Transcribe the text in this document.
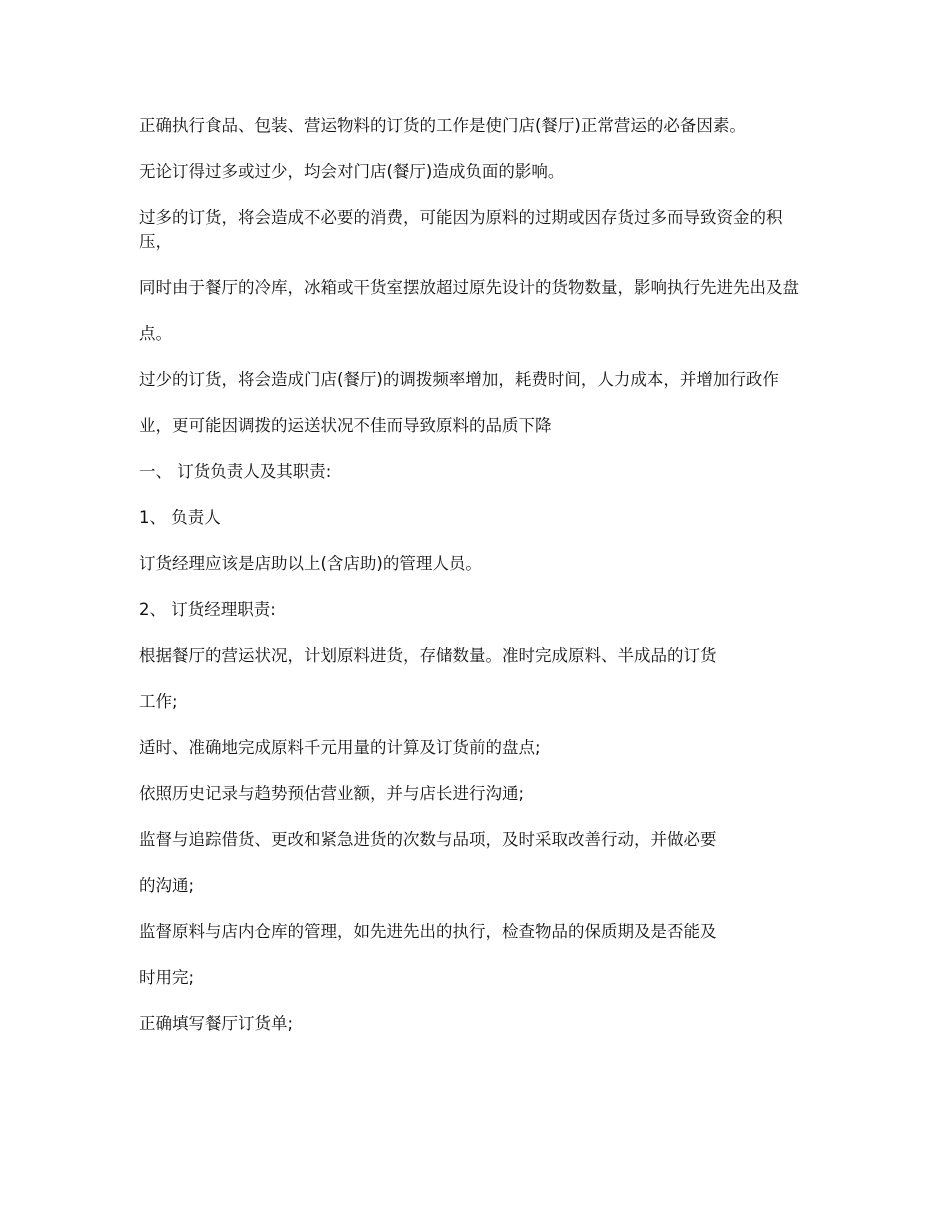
正确执行食品、包装、营运物料的订货的工作是使门店(餐厅)正常营运的必备因素。

无论订得过多或过少，均会对门店(餐厅)造成负面的影响。

过多的订货，将会造成不必要的消费，可能因为原料的过期或因存货过多而导致资金的积压，

同时由于餐厅的冷库，冰箱或干货室摆放超过原先设计的货物数量，影响执行先进先出及盘

点。

过少的订货，将会造成门店(餐厅)的调拨频率增加，耗费时间，人力成本，并增加行政作

业，更可能因调拨的运送状况不佳而导致原料的品质下降

一、 订货负责人及其职责:

1、 负责人

订货经理应该是店助以上(含店助)的管理人员。

2、 订货经理职责:

根据餐厅的营运状况，计划原料进货，存储数量。准时完成原料、半成品的订货

工作;

适时、准确地完成原料千元用量的计算及订货前的盘点;

依照历史记录与趋势预估营业额，并与店长进行沟通;

监督与追踪借货、更改和紧急进货的次数与品项，及时采取改善行动，并做必要

的沟通;

监督原料与店内仓库的管理，如先进先出的执行，检查物品的保质期及是否能及

时用完;

正确填写餐厅订货单;
